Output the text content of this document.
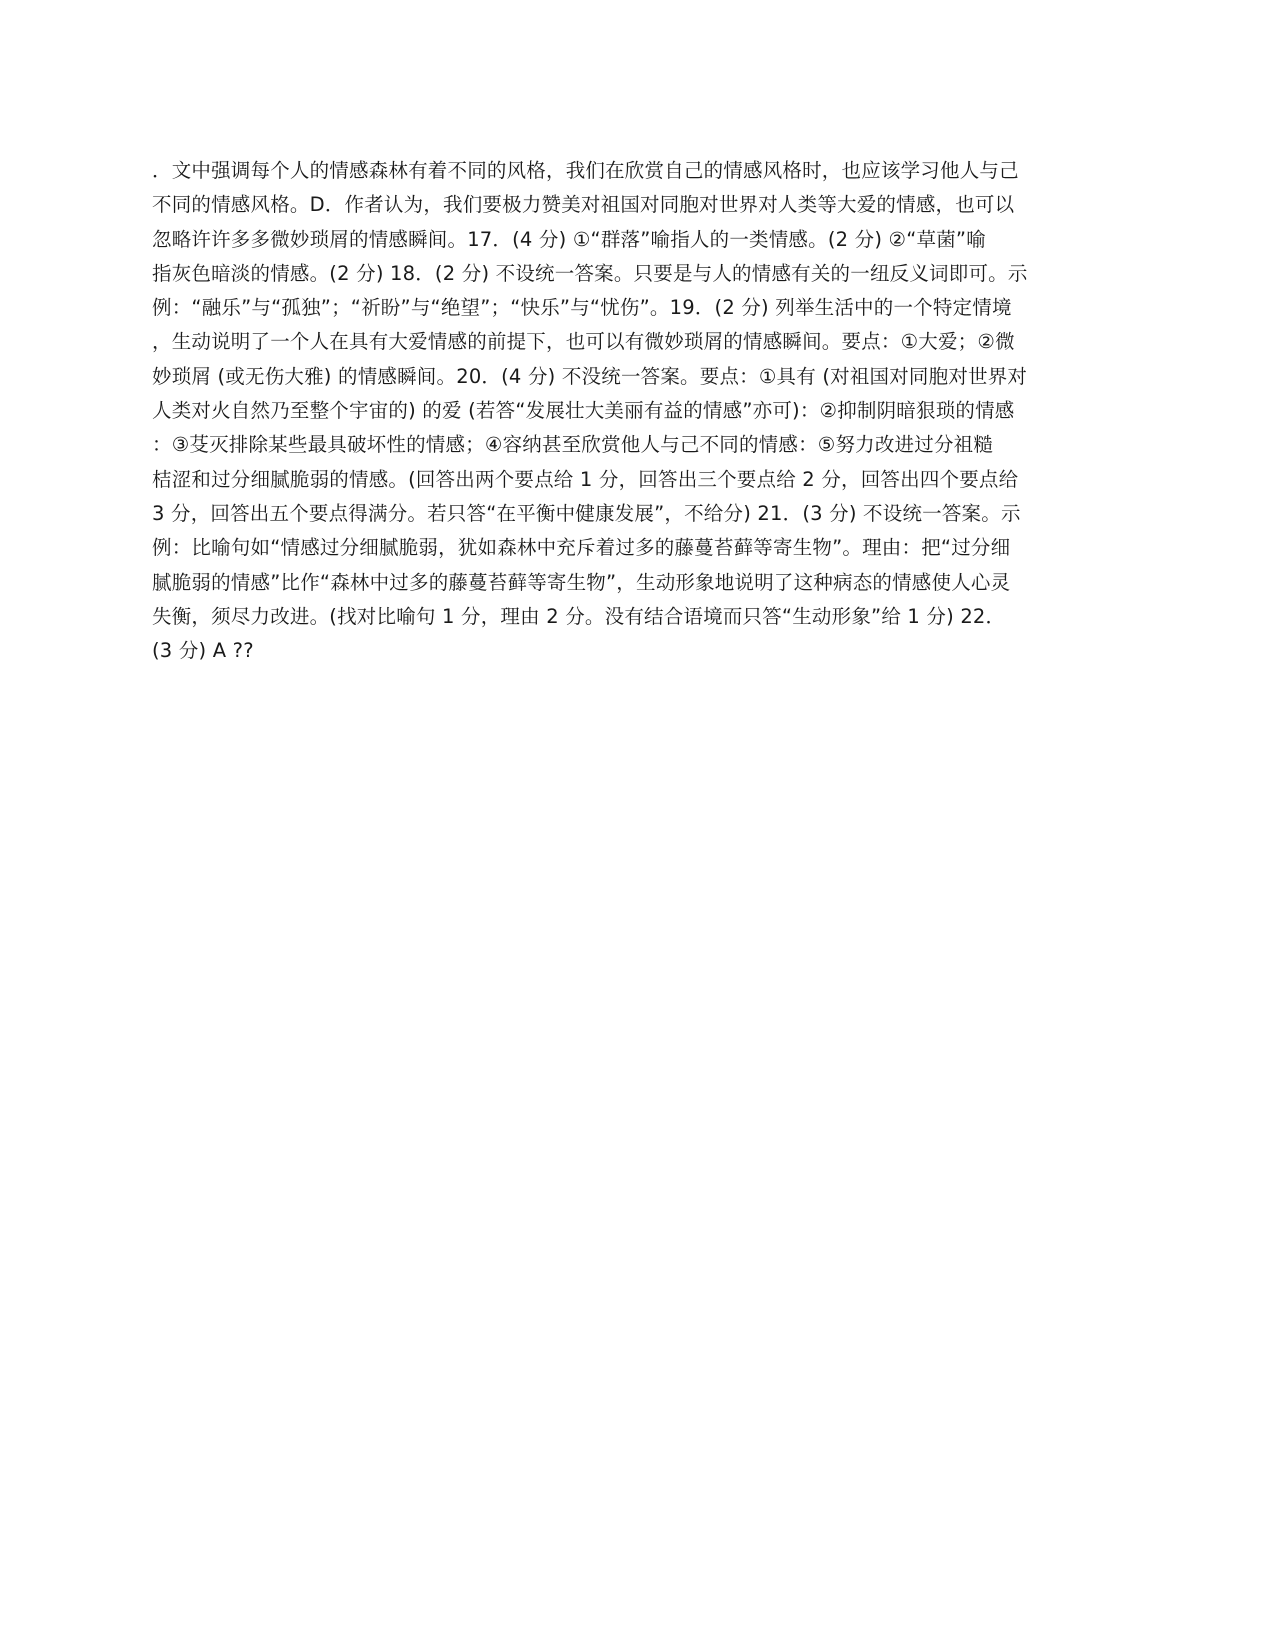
．文中强调每个人的情感森林有着不同的风格，我们在欣赏自己的情感风格时，也应该学习他人与己
不同的情感风格。D．作者认为，我们要极力赞美对祖国对同胞对世界对人类等大爱的情感，也可以
忽略许许多多微妙琐屑的情感瞬间。17．(4 分) ①“群落”喻指人的一类情感。(2 分) ②“草菌”喻
指灰色暗淡的情感。(2 分) 18．(2 分) 不设统一答案。只要是与人的情感有关的一纽反义词即可。示
例：“融乐”与“孤独”；“祈盼”与“绝望”；“快乐”与“忧伤”。19．(2 分) 列举生活中的一个特定情境
，生动说明了一个人在具有大爱情感的前提下，也可以有微妙琐屑的情感瞬间。要点：①大爱；②微
妙琐屑 (或无伤大雅) 的情感瞬间。20．(4 分) 不没统一答案。要点：①具有 (对祖国对同胞对世界对
人类对火自然乃至整个宇宙的) 的爱 (若答“发展壮大美丽有益的情感”亦可)：②抑制阴暗狠琐的情感
：③芟灭排除某些最具破坏性的情感；④容纳甚至欣赏他人与己不同的情感：⑤努力改进过分祖糙
桔涩和过分细腻脆弱的情感。(回答出两个要点给 1 分，回答出三个要点给 2 分，回答出四个要点给
3 分，回答出五个要点得满分。若只答“在平衡中健康发展”，不给分) 21．(3 分) 不设统一答案。示
例：比喻句如“情感过分细腻脆弱，犹如森林中充斥着过多的藤蔓苔藓等寄生物”。理由：把“过分细
腻脆弱的情感”比作“森林中过多的藤蔓苔藓等寄生物”，生动形象地说明了这种病态的情感使人心灵
失衡，须尽力改进。(找对比喻句 1 分，理由 2 分。没有结合语境而只答“生动形象”给 1 分) 22．
(3 分) A ??
